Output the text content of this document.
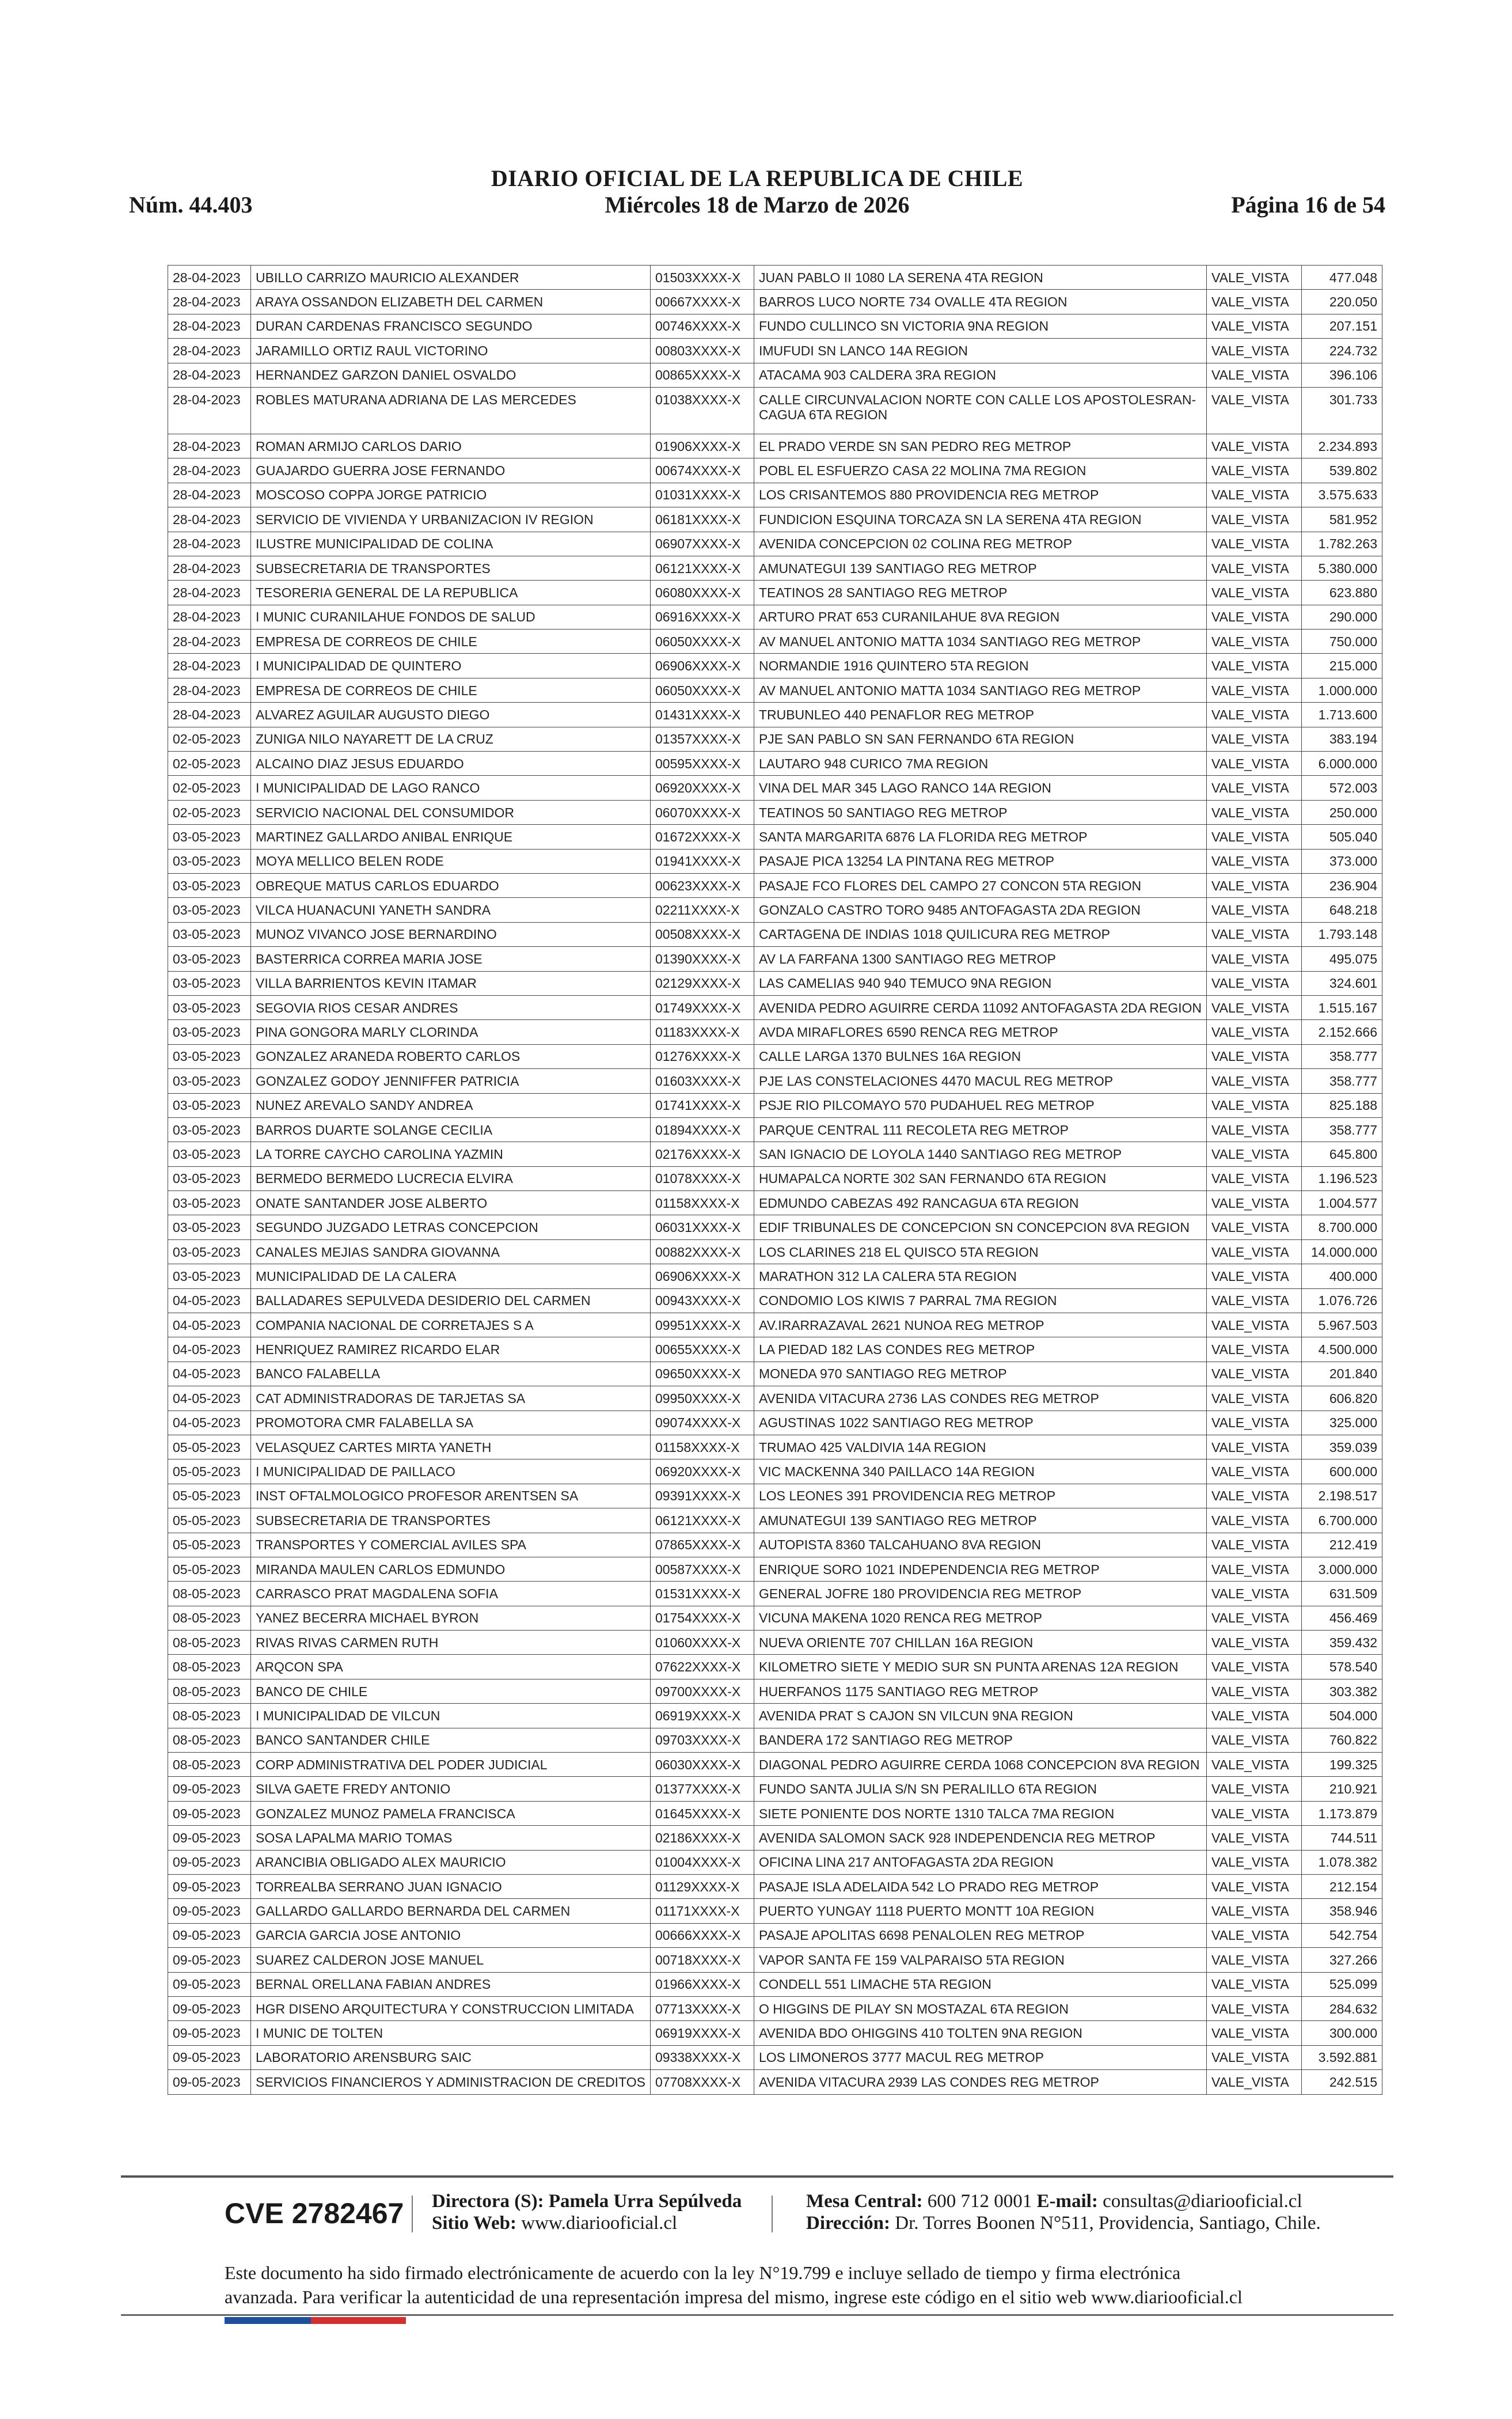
DIARIO OFICIAL DE LA REPUBLICA DE CHILE
Núm. 44.403	Miércoles 18 de Marzo de 2026	Página 16 de 54
28-04-2023	UBILLO CARRIZO MAURICIO ALEXANDER	01503XXXX-X	JUAN PABLO II 1080 LA SERENA 4TA REGION	VALE_VISTA	477.048
28-04-2023	ARAYA OSSANDON ELIZABETH DEL CARMEN	00667XXXX-X	BARROS LUCO NORTE 734 OVALLE 4TA REGION	VALE_VISTA	220.050
28-04-2023	DURAN CARDENAS FRANCISCO SEGUNDO	00746XXXX-X	FUNDO CULLINCO SN VICTORIA 9NA REGION	VALE_VISTA	207.151
28-04-2023	JARAMILLO ORTIZ RAUL VICTORINO	00803XXXX-X	IMUFUDI SN LANCO 14A REGION	VALE_VISTA	224.732
28-04-2023	HERNANDEZ GARZON DANIEL OSVALDO	00865XXXX-X	ATACAMA 903 CALDERA 3RA REGION	VALE_VISTA	396.106
28-04-2023	ROBLES MATURANA ADRIANA DE LAS MERCEDES	01038XXXX-X	CALLE CIRCUNVALACION NORTE CON CALLE LOS APOSTOLESRAN-CAGUA 6TA REGION	VALE_VISTA	301.733
28-04-2023	ROMAN ARMIJO CARLOS DARIO	01906XXXX-X	EL PRADO VERDE SN SAN PEDRO REG METROP	VALE_VISTA	2.234.893
28-04-2023	GUAJARDO GUERRA JOSE FERNANDO	00674XXXX-X	POBL EL ESFUERZO CASA 22 MOLINA 7MA REGION	VALE_VISTA	539.802
28-04-2023	MOSCOSO COPPA JORGE PATRICIO	01031XXXX-X	LOS CRISANTEMOS 880 PROVIDENCIA REG METROP	VALE_VISTA	3.575.633
28-04-2023	SERVICIO DE VIVIENDA Y URBANIZACION IV REGION	06181XXXX-X	FUNDICION ESQUINA TORCAZA SN LA SERENA 4TA REGION	VALE_VISTA	581.952
28-04-2023	ILUSTRE MUNICIPALIDAD DE COLINA	06907XXXX-X	AVENIDA CONCEPCION 02 COLINA REG METROP	VALE_VISTA	1.782.263
28-04-2023	SUBSECRETARIA DE TRANSPORTES	06121XXXX-X	AMUNATEGUI 139 SANTIAGO REG METROP	VALE_VISTA	5.380.000
28-04-2023	TESORERIA GENERAL DE LA REPUBLICA	06080XXXX-X	TEATINOS 28 SANTIAGO REG METROP	VALE_VISTA	623.880
28-04-2023	I MUNIC CURANILAHUE FONDOS DE SALUD	06916XXXX-X	ARTURO PRAT 653 CURANILAHUE 8VA REGION	VALE_VISTA	290.000
28-04-2023	EMPRESA DE CORREOS DE CHILE	06050XXXX-X	AV MANUEL ANTONIO MATTA 1034 SANTIAGO REG METROP	VALE_VISTA	750.000
28-04-2023	I MUNICIPALIDAD DE QUINTERO	06906XXXX-X	NORMANDIE 1916 QUINTERO 5TA REGION	VALE_VISTA	215.000
28-04-2023	EMPRESA DE CORREOS DE CHILE	06050XXXX-X	AV MANUEL ANTONIO MATTA 1034 SANTIAGO REG METROP	VALE_VISTA	1.000.000
28-04-2023	ALVAREZ AGUILAR AUGUSTO DIEGO	01431XXXX-X	TRUBUNLEO 440 PENAFLOR REG METROP	VALE_VISTA	1.713.600
02-05-2023	ZUNIGA NILO NAYARETT DE LA CRUZ	01357XXXX-X	PJE SAN PABLO SN SAN FERNANDO 6TA REGION	VALE_VISTA	383.194
02-05-2023	ALCAINO DIAZ JESUS EDUARDO	00595XXXX-X	LAUTARO 948 CURICO 7MA REGION	VALE_VISTA	6.000.000
02-05-2023	I MUNICIPALIDAD DE LAGO RANCO	06920XXXX-X	VINA DEL MAR 345 LAGO RANCO 14A REGION	VALE_VISTA	572.003
02-05-2023	SERVICIO NACIONAL DEL CONSUMIDOR	06070XXXX-X	TEATINOS 50 SANTIAGO REG METROP	VALE_VISTA	250.000
03-05-2023	MARTINEZ GALLARDO ANIBAL ENRIQUE	01672XXXX-X	SANTA MARGARITA 6876 LA FLORIDA REG METROP	VALE_VISTA	505.040
03-05-2023	MOYA MELLICO BELEN RODE	01941XXXX-X	PASAJE PICA 13254 LA PINTANA REG METROP	VALE_VISTA	373.000
03-05-2023	OBREQUE MATUS CARLOS EDUARDO	00623XXXX-X	PASAJE FCO FLORES DEL CAMPO 27 CONCON 5TA REGION	VALE_VISTA	236.904
03-05-2023	VILCA HUANACUNI YANETH SANDRA	02211XXXX-X	GONZALO CASTRO TORO 9485 ANTOFAGASTA 2DA REGION	VALE_VISTA	648.218
03-05-2023	MUNOZ VIVANCO JOSE BERNARDINO	00508XXXX-X	CARTAGENA DE INDIAS 1018 QUILICURA REG METROP	VALE_VISTA	1.793.148
03-05-2023	BASTERRICA CORREA MARIA JOSE	01390XXXX-X	AV LA FARFANA 1300 SANTIAGO REG METROP	VALE_VISTA	495.075
03-05-2023	VILLA BARRIENTOS KEVIN ITAMAR	02129XXXX-X	LAS CAMELIAS 940 940 TEMUCO 9NA REGION	VALE_VISTA	324.601
03-05-2023	SEGOVIA RIOS CESAR ANDRES	01749XXXX-X	AVENIDA PEDRO AGUIRRE CERDA 11092 ANTOFAGASTA 2DA REGION	VALE_VISTA	1.515.167
03-05-2023	PINA GONGORA MARLY CLORINDA	01183XXXX-X	AVDA MIRAFLORES 6590 RENCA REG METROP	VALE_VISTA	2.152.666
03-05-2023	GONZALEZ ARANEDA ROBERTO CARLOS	01276XXXX-X	CALLE LARGA 1370 BULNES 16A REGION	VALE_VISTA	358.777
03-05-2023	GONZALEZ GODOY JENNIFFER PATRICIA	01603XXXX-X	PJE LAS CONSTELACIONES 4470 MACUL REG METROP	VALE_VISTA	358.777
03-05-2023	NUNEZ AREVALO SANDY ANDREA	01741XXXX-X	PSJE RIO PILCOMAYO 570 PUDAHUEL REG METROP	VALE_VISTA	825.188
03-05-2023	BARROS DUARTE SOLANGE CECILIA	01894XXXX-X	PARQUE CENTRAL 111 RECOLETA REG METROP	VALE_VISTA	358.777
03-05-2023	LA TORRE CAYCHO CAROLINA YAZMIN	02176XXXX-X	SAN IGNACIO DE LOYOLA 1440 SANTIAGO REG METROP	VALE_VISTA	645.800
03-05-2023	BERMEDO BERMEDO LUCRECIA ELVIRA	01078XXXX-X	HUMAPALCA NORTE 302 SAN FERNANDO 6TA REGION	VALE_VISTA	1.196.523
03-05-2023	ONATE SANTANDER JOSE ALBERTO	01158XXXX-X	EDMUNDO CABEZAS 492 RANCAGUA 6TA REGION	VALE_VISTA	1.004.577
03-05-2023	SEGUNDO JUZGADO LETRAS CONCEPCION	06031XXXX-X	EDIF TRIBUNALES DE CONCEPCION SN CONCEPCION 8VA REGION	VALE_VISTA	8.700.000
03-05-2023	CANALES MEJIAS SANDRA GIOVANNA	00882XXXX-X	LOS CLARINES 218 EL QUISCO 5TA REGION	VALE_VISTA	14.000.000
03-05-2023	MUNICIPALIDAD DE LA CALERA	06906XXXX-X	MARATHON 312 LA CALERA 5TA REGION	VALE_VISTA	400.000
04-05-2023	BALLADARES SEPULVEDA DESIDERIO DEL CARMEN	00943XXXX-X	CONDOMIO LOS KIWIS 7 PARRAL 7MA REGION	VALE_VISTA	1.076.726
04-05-2023	COMPANIA NACIONAL DE CORRETAJES S A	09951XXXX-X	AV.IRARRAZAVAL 2621 NUNOA REG METROP	VALE_VISTA	5.967.503
04-05-2023	HENRIQUEZ RAMIREZ RICARDO ELAR	00655XXXX-X	LA PIEDAD 182 LAS CONDES REG METROP	VALE_VISTA	4.500.000
04-05-2023	BANCO FALABELLA	09650XXXX-X	MONEDA 970 SANTIAGO REG METROP	VALE_VISTA	201.840
04-05-2023	CAT ADMINISTRADORAS DE TARJETAS SA	09950XXXX-X	AVENIDA VITACURA 2736 LAS CONDES REG METROP	VALE_VISTA	606.820
04-05-2023	PROMOTORA CMR FALABELLA SA	09074XXXX-X	AGUSTINAS 1022 SANTIAGO REG METROP	VALE_VISTA	325.000
05-05-2023	VELASQUEZ CARTES MIRTA YANETH	01158XXXX-X	TRUMAO 425 VALDIVIA 14A REGION	VALE_VISTA	359.039
05-05-2023	I MUNICIPALIDAD DE PAILLACO	06920XXXX-X	VIC MACKENNA 340 PAILLACO 14A REGION	VALE_VISTA	600.000
05-05-2023	INST OFTALMOLOGICO PROFESOR ARENTSEN SA	09391XXXX-X	LOS LEONES 391 PROVIDENCIA REG METROP	VALE_VISTA	2.198.517
05-05-2023	SUBSECRETARIA DE TRANSPORTES	06121XXXX-X	AMUNATEGUI 139 SANTIAGO REG METROP	VALE_VISTA	6.700.000
05-05-2023	TRANSPORTES Y COMERCIAL AVILES SPA	07865XXXX-X	AUTOPISTA 8360 TALCAHUANO 8VA REGION	VALE_VISTA	212.419
05-05-2023	MIRANDA MAULEN CARLOS EDMUNDO	00587XXXX-X	ENRIQUE SORO 1021 INDEPENDENCIA REG METROP	VALE_VISTA	3.000.000
08-05-2023	CARRASCO PRAT MAGDALENA SOFIA	01531XXXX-X	GENERAL JOFRE 180 PROVIDENCIA REG METROP	VALE_VISTA	631.509
08-05-2023	YANEZ BECERRA MICHAEL BYRON	01754XXXX-X	VICUNA MAKENA 1020 RENCA REG METROP	VALE_VISTA	456.469
08-05-2023	RIVAS RIVAS CARMEN RUTH	01060XXXX-X	NUEVA ORIENTE 707 CHILLAN 16A REGION	VALE_VISTA	359.432
08-05-2023	ARQCON SPA	07622XXXX-X	KILOMETRO SIETE Y MEDIO SUR SN PUNTA ARENAS 12A REGION	VALE_VISTA	578.540
08-05-2023	BANCO DE CHILE	09700XXXX-X	HUERFANOS 1175 SANTIAGO REG METROP	VALE_VISTA	303.382
08-05-2023	I MUNICIPALIDAD DE VILCUN	06919XXXX-X	AVENIDA PRAT S CAJON SN VILCUN 9NA REGION	VALE_VISTA	504.000
08-05-2023	BANCO SANTANDER CHILE	09703XXXX-X	BANDERA 172 SANTIAGO REG METROP	VALE_VISTA	760.822
08-05-2023	CORP ADMINISTRATIVA DEL PODER JUDICIAL	06030XXXX-X	DIAGONAL PEDRO AGUIRRE CERDA 1068 CONCEPCION 8VA REGION	VALE_VISTA	199.325
09-05-2023	SILVA GAETE FREDY ANTONIO	01377XXXX-X	FUNDO SANTA JULIA S/N SN PERALILLO 6TA REGION	VALE_VISTA	210.921
09-05-2023	GONZALEZ MUNOZ PAMELA FRANCISCA	01645XXXX-X	SIETE PONIENTE DOS NORTE 1310 TALCA 7MA REGION	VALE_VISTA	1.173.879
09-05-2023	SOSA LAPALMA MARIO TOMAS	02186XXXX-X	AVENIDA SALOMON SACK 928 INDEPENDENCIA REG METROP	VALE_VISTA	744.511
09-05-2023	ARANCIBIA OBLIGADO ALEX MAURICIO	01004XXXX-X	OFICINA LINA 217 ANTOFAGASTA 2DA REGION	VALE_VISTA	1.078.382
09-05-2023	TORREALBA SERRANO JUAN IGNACIO	01129XXXX-X	PASAJE ISLA ADELAIDA 542 LO PRADO REG METROP	VALE_VISTA	212.154
09-05-2023	GALLARDO GALLARDO BERNARDA DEL CARMEN	01171XXXX-X	PUERTO YUNGAY 1118 PUERTO MONTT 10A REGION	VALE_VISTA	358.946
09-05-2023	GARCIA GARCIA JOSE ANTONIO	00666XXXX-X	PASAJE APOLITAS 6698 PENALOLEN REG METROP	VALE_VISTA	542.754
09-05-2023	SUAREZ CALDERON JOSE MANUEL	00718XXXX-X	VAPOR SANTA FE 159 VALPARAISO 5TA REGION	VALE_VISTA	327.266
09-05-2023	BERNAL ORELLANA FABIAN ANDRES	01966XXXX-X	CONDELL 551 LIMACHE 5TA REGION	VALE_VISTA	525.099
09-05-2023	HGR DISENO ARQUITECTURA Y CONSTRUCCION LIMITADA	07713XXXX-X	O HIGGINS DE PILAY SN MOSTAZAL 6TA REGION	VALE_VISTA	284.632
09-05-2023	I MUNIC DE TOLTEN	06919XXXX-X	AVENIDA BDO OHIGGINS 410 TOLTEN 9NA REGION	VALE_VISTA	300.000
09-05-2023	LABORATORIO ARENSBURG SAIC	09338XXXX-X	LOS LIMONEROS 3777 MACUL REG METROP	VALE_VISTA	3.592.881
09-05-2023	SERVICIOS FINANCIEROS Y ADMINISTRACION DE CREDITOS	07708XXXX-X	AVENIDA VITACURA 2939 LAS CONDES REG METROP	VALE_VISTA	242.515
CVE 2782467 Directora (S): Pamela Urra Sepúlveda
Sitio Web: www.diariooficial.cl
Mesa Central: 600 712 0001 E-mail: consultas@diariooficial.cl
Dirección: Dr. Torres Boonen N°511, Providencia, Santiago, Chile.
Este documento ha sido firmado electrónicamente de acuerdo con la ley N°19.799 e incluye sellado de tiempo y firma electrónica
avanzada. Para verificar la autenticidad de una representación impresa del mismo, ingrese este código en el sitio web www.diariooficial.cl
